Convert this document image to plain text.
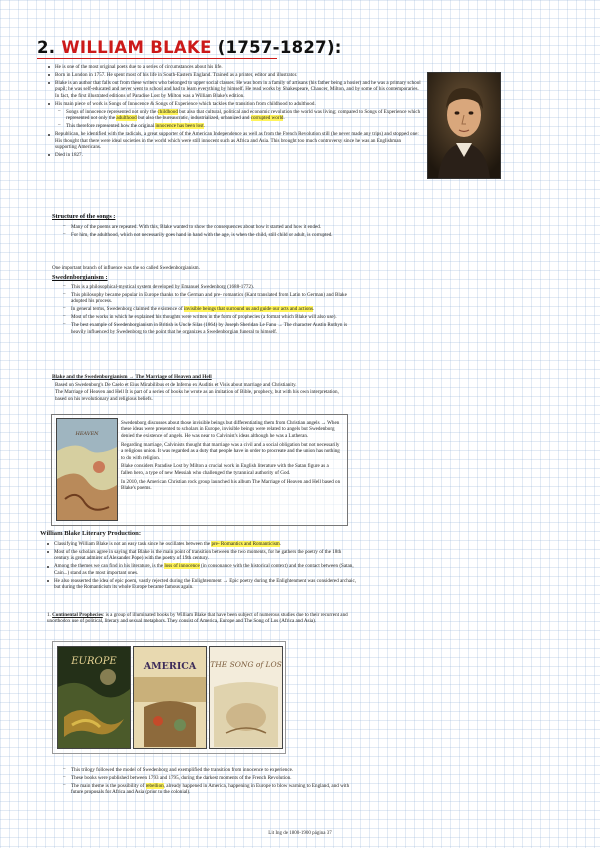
2. WILLIAM BLAKE (1757-1827):
He is one of the most original poets due to a series of circumstances about his life.
Born in London in 1757. He spent most of his life in South-Eastern England. Trained as a printer, editor and illustrator.
Blake is an author that falls out from these writers who belonged to upper social classes. He was born in a family of artisans (his father being a hosier) and he was a primary school pupil; he was self-educated and never went to school and had to learn everything by himself. He read works by Shakespeare, Chaucer, Milton, and by some of his contemporaries. In fact, the first illustrated editions of Paradise Lost by Milton was a William Blake's edition.
His main piece of work is Songs of Innocence & Songs of Experience which tackles the transition from childhood to adulthood.
– Songs of innocence represented not only the childhood but also that cultural, political and economic revolution the world was living; compared to Songs of Experience which represented not only the adulthood but also the bureaucratic, industrialized, urbanized and corrupted world.
– This therefore represented how the original innocence has been lost.
Republican, he identified with the radicals, a great supporter of the American Independence as well as from the French Revolution still (he never made any trips) and stopped one: His thought that there were ideal societies in the world which were still innocent such as Africa and Asia. This brought too much controversy since he was an Englishman supporting Americans.
Died in 1827.
Structure of the songs :
– Many of the poems are repeated. With this, Blake wanted to show the consequences about how it started and how it ended.
– For him, the adulthood, which not necessarily goes hand in hand with the age, is when the child, still child or adult, is corrupted.
One important branch of influence was the so called Swedenborgianism.
Swedenborgianism :
– This is a philosophical-mystical system developed by Emanuel Swedenborg (1688-1772).
– This philosophy became popular in Europe thanks to the German and pre- romantics (Kant translated from Latin to German) and Blake adopted his process.
– In general terms, Swedenborg claimed the existence of invisible beings that surround us and guide our acts and actions.
– Most of the works in which he explained his thoughts were written in the form of prophecies (a format which Blake will also use).
– The best example of Swedenborgianism in British is Uncle Silas (1864) by Joseph Sheridan Le Fanu → The character Austin Ruthyn is heavily influenced by Swedenborg to the point that he organizes a Swedenborgian funeral to himself.
Blake and the Swedenborgianism → The Marriage of Heaven and Hell

Based on Swedenborg's De Caelo et Eius Mirabilibus et de Inferno ex Auditis et Visis about marriage and Christianity.

The Marriage of Heaven and Hell It is part of a series of books he wrote as an imitation of Bible, prophecy, but with his own interpretation, based on his revolutionary and religious beliefs.

HEAVEN

Swedenborg discusses about those invisible beings but differentiating them from Christian angels → When these ideas were presented to scholars in Europe, invisible beings were related to angels but Swedenborg denied the existence of angels. He was near to Calvinist's ideas although he was a Lutheran.

Regarding marriage, Calvinists thought that marriage was a civil and a social obligation but not necessarily a religious union. It was regarded as a duty that people have in order to procreate and the union has nothing to do with religion.

Blake considers Paradise Lost by Milton a crucial work in English literature with the Satan figure as a fallen hero, a type of new Messiah who challenged the tyrannical authority of God.

In 2010, the American Christian rock group launched his album The Marriage of Heaven and Hell based on Blake's poems.

William Blake Literary Production:
Classifying William Blake is not an easy task since he oscillates between the pre- Romantics and Romanticism.
Most of the scholars agree in saying that Blake is the main point of transition between the two moments, for he gathers the poetry of the 18th century is great admirer of Alexander Pope) with the poetry of 19th century.
Among the themes we can find in his literature, is the loss of innocence (in consonance with the historical context) and the contact between (Satan, Cain...) stand as the most important ones.
He also reasserted the idea of epic poem, vastly rejected during the Enlightenment → Epic poetry during the Enlightenment was considered archaic, but during the Romanticism its whole Europe became famous again.
1. Continental Prophecies: is a group of illuminated books by William Blake that have been subject of numerous studies due to their recurrent and unorthodox use of political, literary and sexual metaphors. They consist of America, Europe and The Song of Los (Africa and Asia).
EUROPE	AMERICA THE SONG of LOS
– This trilogy followed the model of Swedenborg and exemplified the transition from innocence to experience.
– These books were published between 1793 and 1795, during the darkest moments of the French Revolution.
– The main theme is the possibility of rebellion, already happened in America, happening in Europe to blow warning to England, and with future proposals for Africa and Asia (prior to the colonial).
Lit Ing de 1800-1900 página 37
